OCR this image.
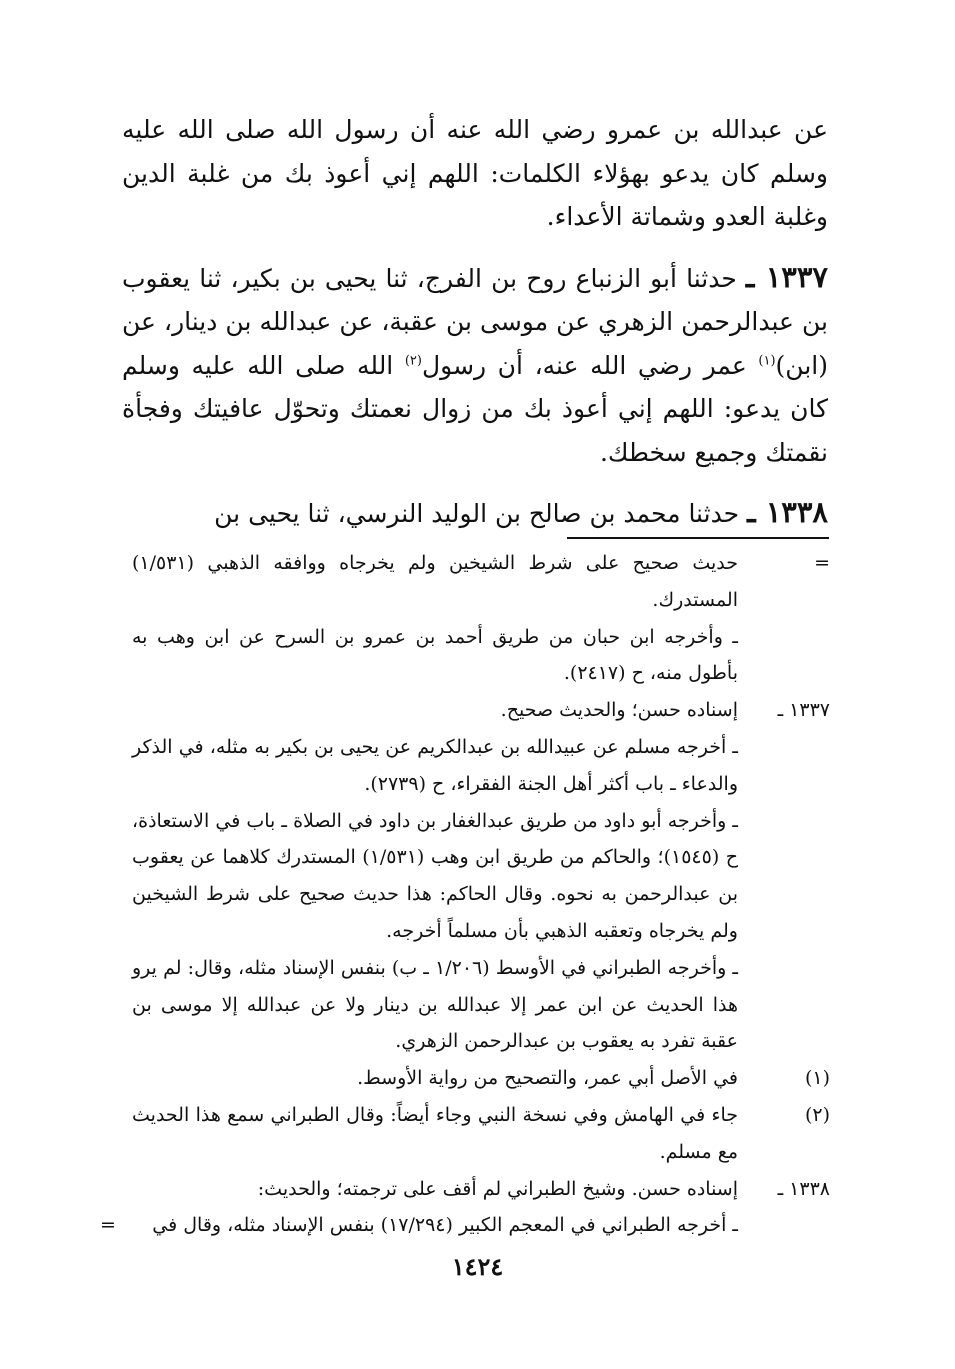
عن عبدالله بن عمرو رضي الله عنه أن رسول الله صلى الله عليه وسلم كان يدعو بهؤلاء الكلمات: اللهم إني أعوذ بك من غلبة الدين وغلبة العدو وشماتة الأعداء.

١٣٣٧ ـ حدثنا أبو الزنباع روح بن الفرج، ثنا يحيى بن بكير، ثنا يعقوب بن عبدالرحمن الزهري عن موسى بن عقبة، عن عبدالله بن دينار، عن (ابن)$^{(١)}$ عمر رضي الله عنه، أن رسول$^{(٢)}$ الله صلى الله عليه وسلم كان يدعو: اللهم إني أعوذ بك من زوال نعمتك وتحوّل عافيتك وفجأة نقمتك وجميع سخطك.

١٣٣٨ ـ حدثنا محمد بن صالح بن الوليد النرسي، ثنا يحيى بن

=
حديث صحيح على شرط الشيخين ولم يخرجاه ووافقه الذهبي (١/٥٣١) المستدرك.
ـ وأخرجه ابن حبان من طريق أحمد بن عمرو بن السرح عن ابن وهب به بأطول منه، ح (٢٤١٧).
١٣٣٧ ـ
إسناده حسن؛ والحديث صحيح.
ـ أخرجه مسلم عن عبيدالله بن عبدالكريم عن يحيى بن بكير به مثله، في الذكر والدعاء ـ باب أكثر أهل الجنة الفقراء، ح (٢٧٣٩).
ـ وأخرجه أبو داود من طريق عبدالغفار بن داود في الصلاة ـ باب في الاستعاذة، ح (١٥٤٥)؛ والحاكم من طريق ابن وهب (١/٥٣١) المستدرك كلاهما عن يعقوب بن عبدالرحمن به نحوه. وقال الحاكم: هذا حديث صحيح على شرط الشيخين ولم يخرجاه وتعقبه الذهبي بأن مسلماً أخرجه.
ـ وأخرجه الطبراني في الأوسط (١/٢٠٦ ـ ب) بنفس الإسناد مثله، وقال: لم يرو هذا الحديث عن ابن عمر إلا عبدالله بن دينار ولا عن عبدالله إلا موسى بن عقبة تفرد به يعقوب بن عبدالرحمن الزهري.
(١)
في الأصل أبي عمر، والتصحيح من رواية الأوسط.
(٢)
جاء في الهامش وفي نسخة النبي وجاء أيضاً: وقال الطبراني سمع هذا الحديث مع مسلم.
١٣٣٨ ـ
إسناده حسن. وشيخ الطبراني لم أقف على ترجمته؛ والحديث:
ـ أخرجه الطبراني في المعجم الكبير (١٧/٢٩٤) بنفس الإسناد مثله، وقال في
=
١٤٢٤
